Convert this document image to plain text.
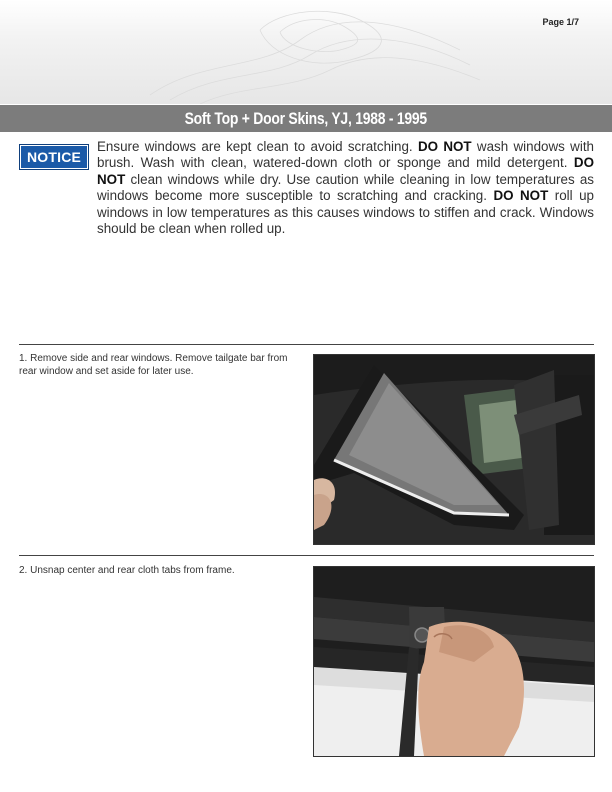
Page 1/7
Soft Top + Door Skins, YJ, 1988 - 1995
NOTICE

Ensure windows are kept clean to avoid scratching. DO NOT wash windows with brush. Wash with clean, watered-down cloth or sponge and mild detergent. DO NOT clean windows while dry. Use caution while cleaning in low temperatures as windows become more susceptible to scratching and cracking. DO NOT roll up windows in low temperatures as this causes windows to stiffen and crack. Windows should be clean when rolled up.

1. Remove side and rear windows. Remove tailgate bar from rear window and set aside for later use.

2. Unsnap center and rear cloth tabs from frame.
